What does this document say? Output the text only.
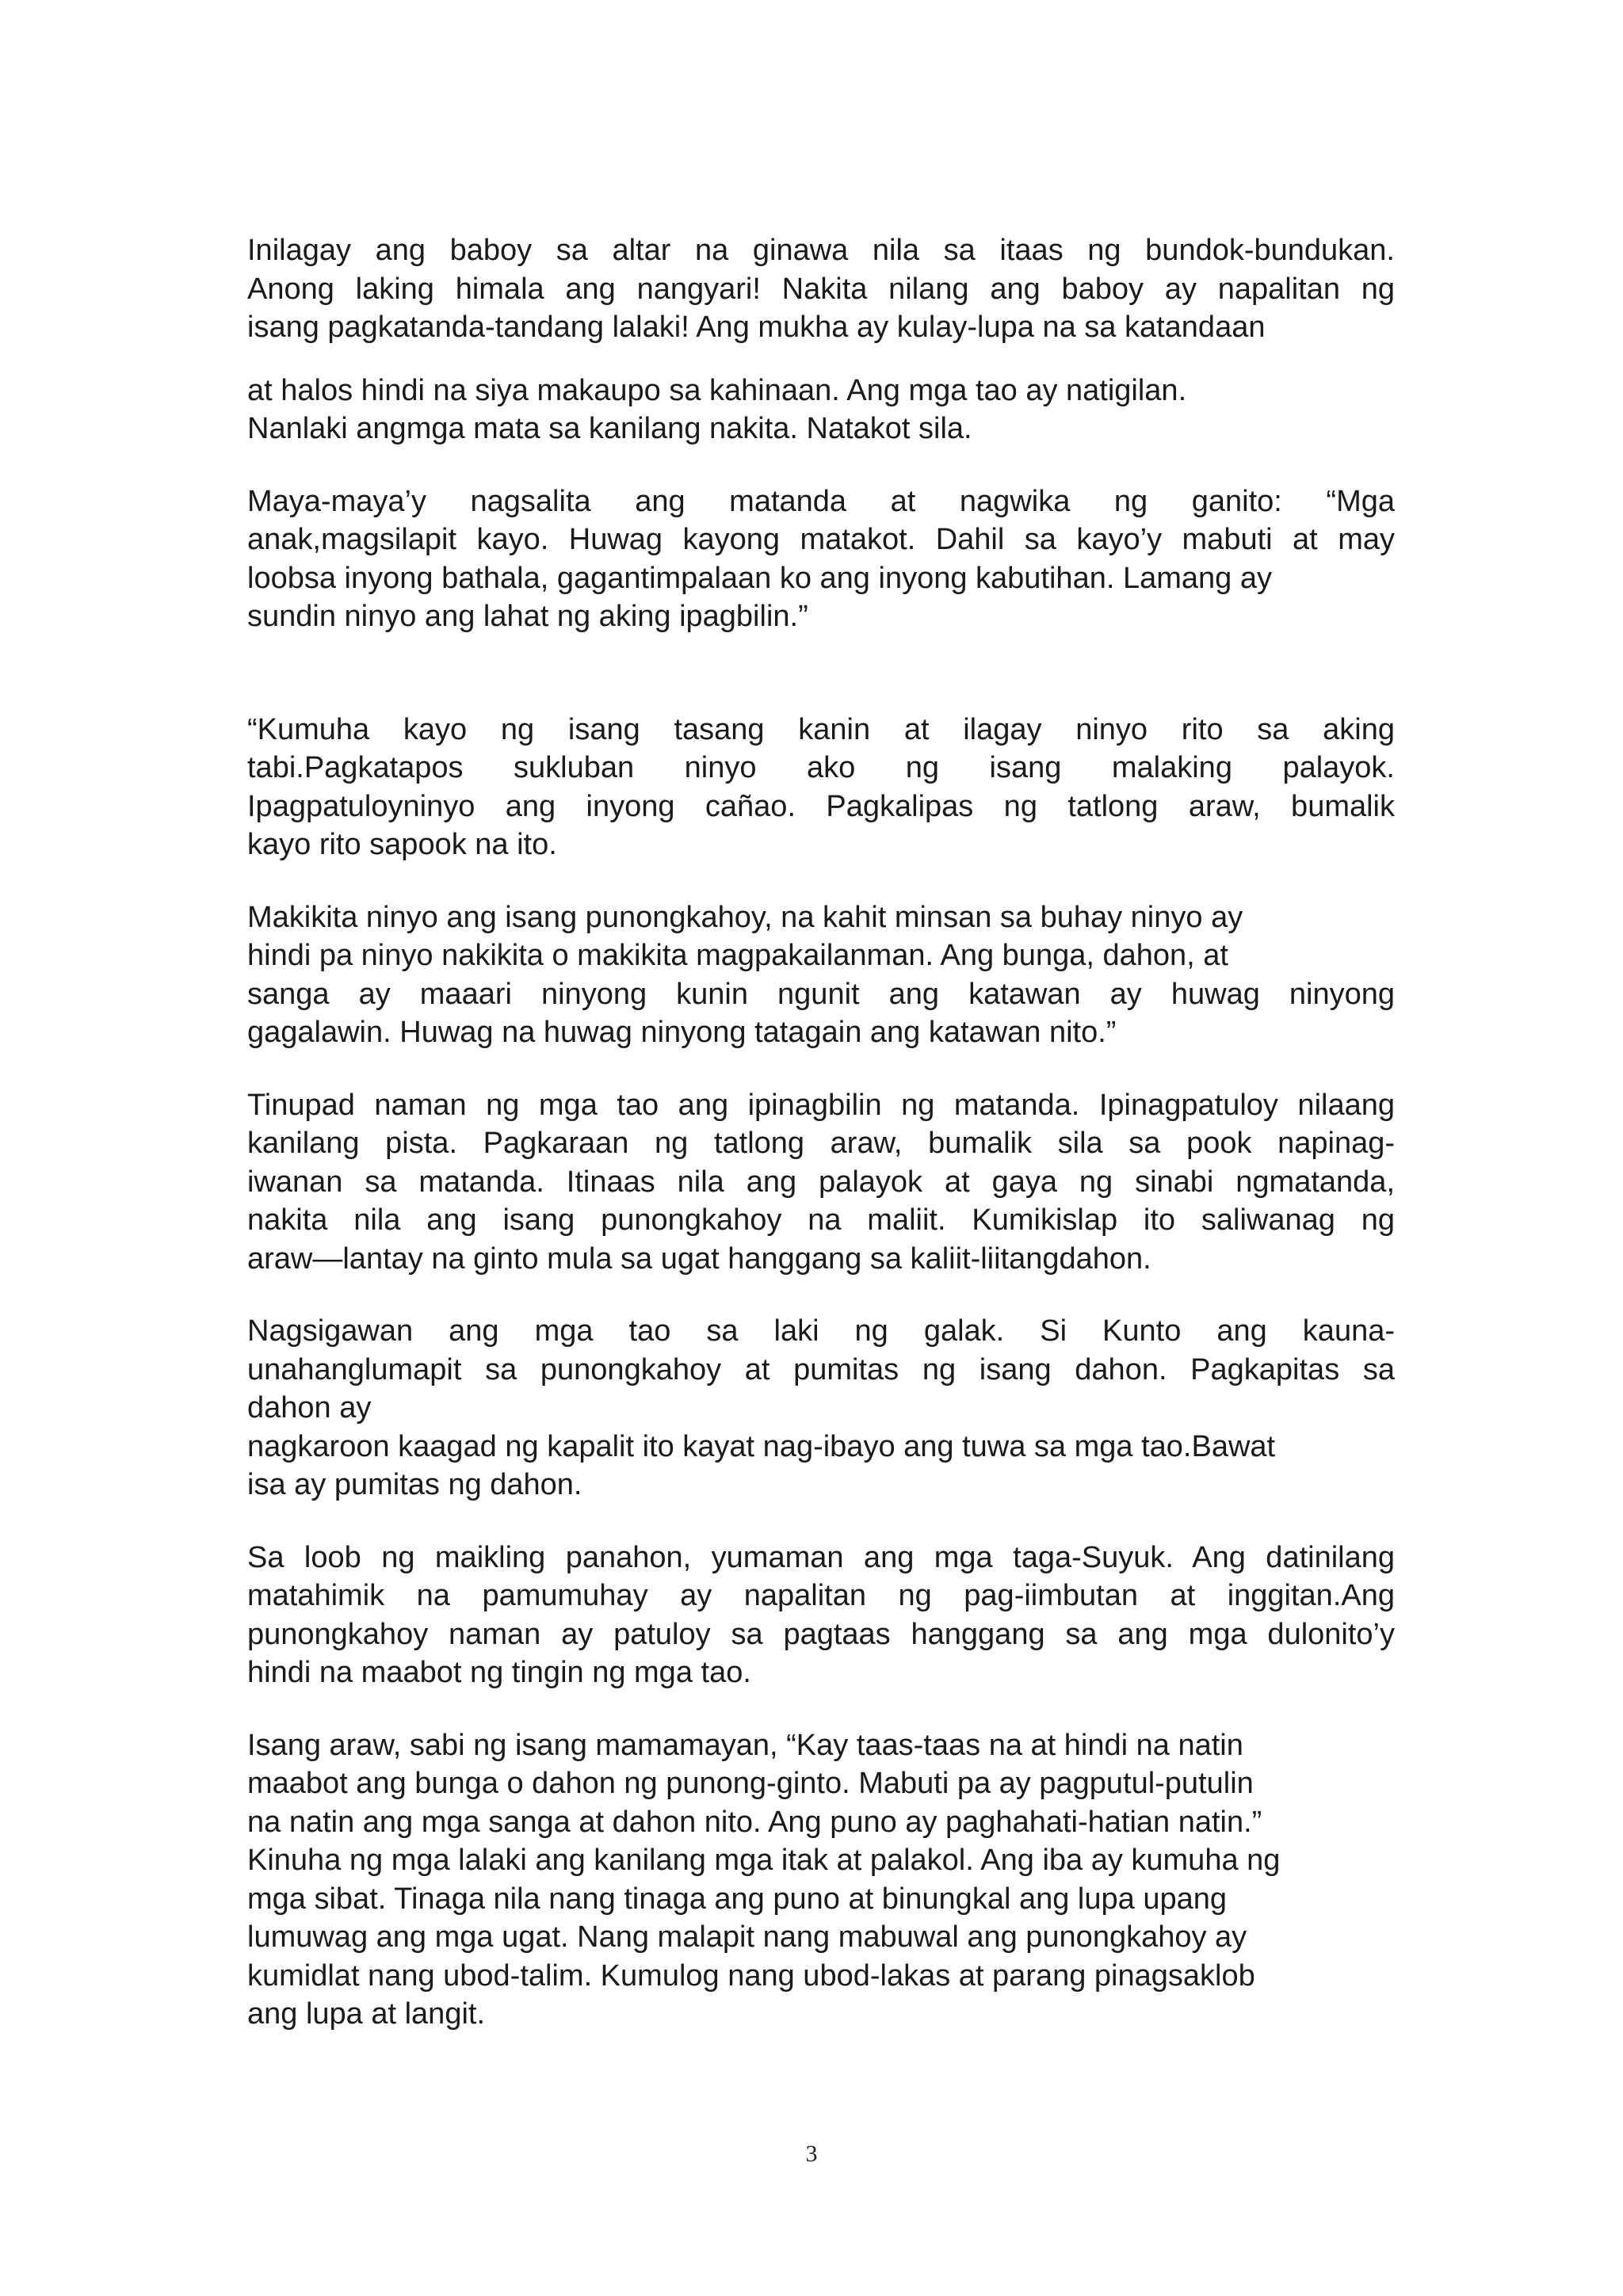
Inilagay ang baboy sa altar na ginawa nila sa itaas ng bundok-bundukan.
Anong laking himala ang nangyari! Nakita nilang ang baboy ay napalitan ng
isang pagkatanda-tandang lalaki! Ang mukha ay kulay-lupa na sa katandaan

at halos hindi na siya makaupo sa kahinaan. Ang mga tao ay natigilan.
Nanlaki angmga mata sa kanilang nakita. Natakot sila.

Maya-maya’y nagsalita ang matanda at nagwika ng ganito: “Mga
anak,magsilapit kayo. Huwag kayong matakot. Dahil sa kayo’y mabuti at may
loobsa inyong bathala, gagantimpalaan ko ang inyong kabutihan. Lamang ay
sundin ninyo ang lahat ng aking ipagbilin.”

“Kumuha kayo ng isang tasang kanin at ilagay ninyo rito sa aking
tabi.Pagkatapos sukluban ninyo ako ng isang malaking palayok.
Ipagpatuloyninyo ang inyong cañao. Pagkalipas ng tatlong araw, bumalik
kayo rito sapook na ito.

Makikita ninyo ang isang punongkahoy, na kahit minsan sa buhay ninyo ay
hindi pa ninyo nakikita o makikita magpakailanman. Ang bunga, dahon, at
sanga ay maaari ninyong kunin ngunit ang katawan ay huwag ninyong
gagalawin. Huwag na huwag ninyong tatagain ang katawan nito.”

Tinupad naman ng mga tao ang ipinagbilin ng matanda. Ipinagpatuloy nilaang
kanilang pista. Pagkaraan ng tatlong araw, bumalik sila sa pook napinag-
iwanan sa matanda. Itinaas nila ang palayok at gaya ng sinabi ngmatanda,
nakita nila ang isang punongkahoy na maliit. Kumikislap ito saliwanag ng
araw—lantay na ginto mula sa ugat hanggang sa kaliit-liitangdahon.

Nagsigawan ang mga tao sa laki ng galak. Si Kunto ang kauna-
unahanglumapit sa punongkahoy at pumitas ng isang dahon. Pagkapitas sa
dahon ay
nagkaroon kaagad ng kapalit ito kayat nag-ibayo ang tuwa sa mga tao.Bawat
isa ay pumitas ng dahon.

Sa loob ng maikling panahon, yumaman ang mga taga-Suyuk. Ang datinilang
matahimik na pamumuhay ay napalitan ng pag-iimbutan at inggitan.Ang
punongkahoy naman ay patuloy sa pagtaas hanggang sa ang mga dulonito’y
hindi na maabot ng tingin ng mga tao.

Isang araw, sabi ng isang mamamayan, “Kay taas-taas na at hindi na natin
maabot ang bunga o dahon ng punong-ginto. Mabuti pa ay pagputul-putulin
na natin ang mga sanga at dahon nito. Ang puno ay paghahati-hatian natin.”
Kinuha ng mga lalaki ang kanilang mga itak at palakol. Ang iba ay kumuha ng
mga sibat. Tinaga nila nang tinaga ang puno at binungkal ang lupa upang
lumuwag ang mga ugat. Nang malapit nang mabuwal ang punongkahoy ay
kumidlat nang ubod-talim. Kumulog nang ubod-lakas at parang pinagsaklob
ang lupa at langit.

3
